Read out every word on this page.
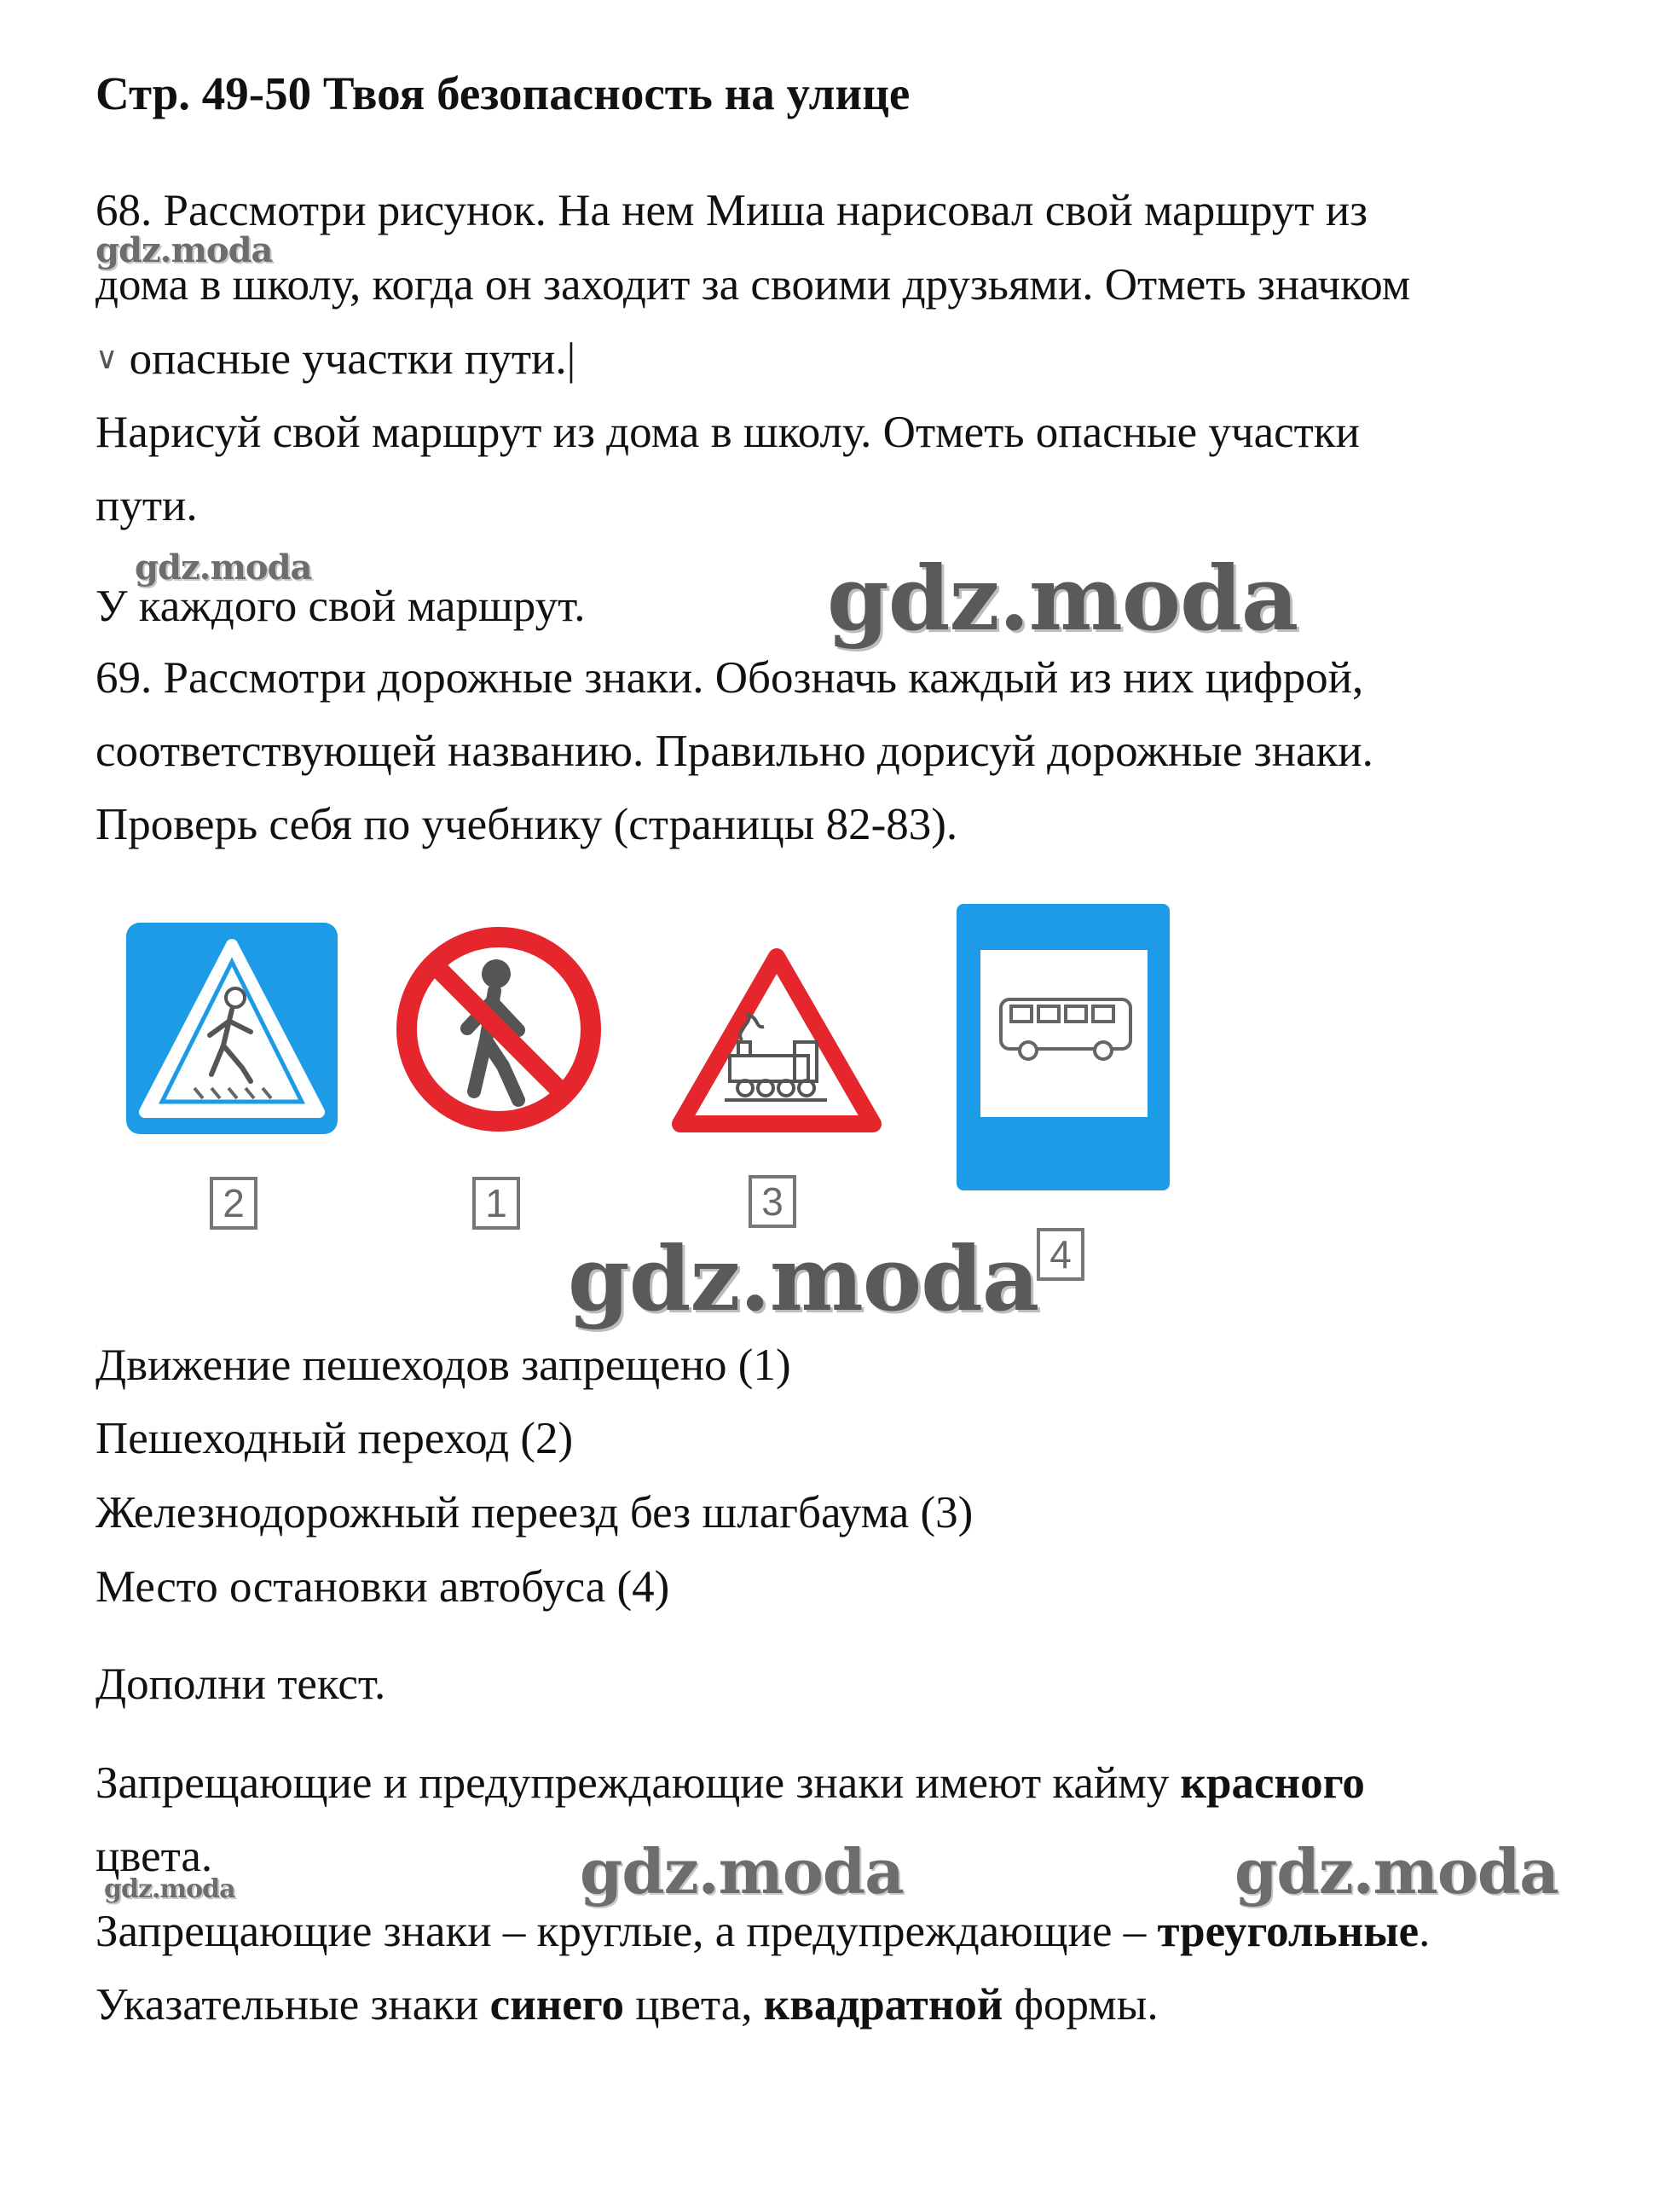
Стр. 49-50 Твоя безопасность на улице
68. Рассмотри рисунок. На нем Миша нарисовал свой маршрут из
дома в школу, когда он заходит за своими друзьями. Отметь значком
∨ опасные участки пути.|
Нарисуй свой маршрут из дома в школу. Отметь опасные участки
пути.
У каждого свой маршрут.
69. Рассмотри дорожные знаки. Обозначь каждый из них цифрой,
соответствующей названию. Правильно дорисуй дорожные знаки.
Проверь себя по учебнику (страницы 82-83).
2	1	3
4
Движение пешеходов запрещено (1)
Пешеходный переход (2)
Железнодорожный переезд без шлагбаума (3)
Место остановки автобуса (4)
Дополни текст.
Запрещающие и предупреждающие знаки имеют кайму красного
цвета.
Запрещающие знаки – круглые, а предупреждающие – треугольные.
Указательные знаки синего цвета, квадратной формы.
gdz.moda
gdz.moda	gdz.moda
gdz.moda
gdz.moda	gdz.moda
gdz.moda
